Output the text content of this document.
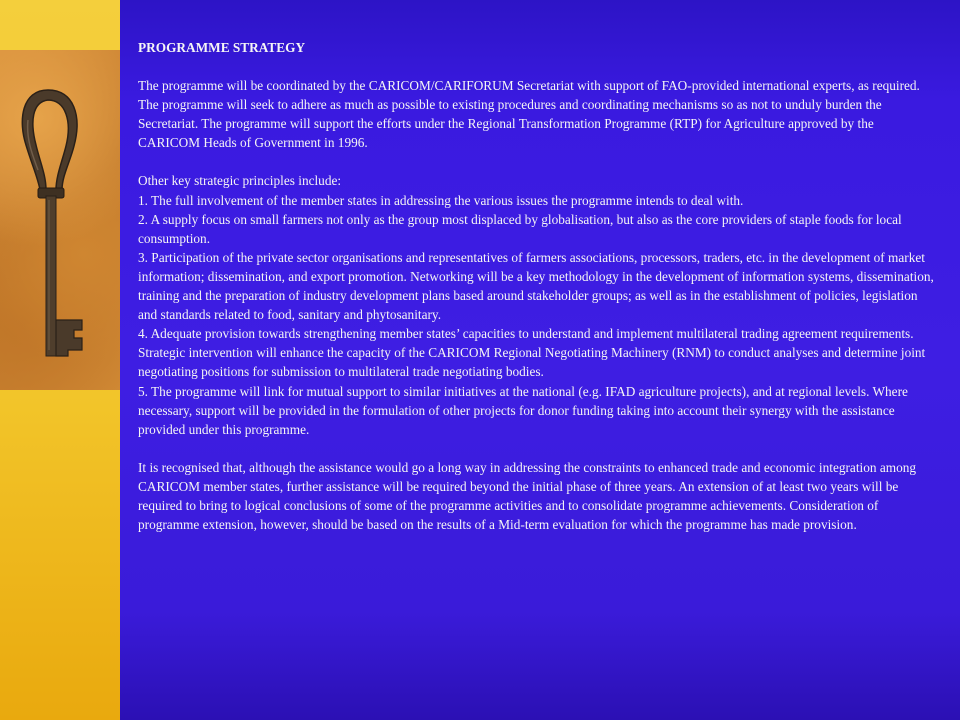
PROGRAMME STRATEGY

The programme will be coordinated by the CARICOM/CARIFORUM Secretariat with support of FAO-provided international experts, as required. The programme will seek to adhere as much as possible to existing procedures and coordinating mechanisms so as not to unduly burden the Secretariat. The programme will support the efforts under the Regional Transformation Programme (RTP) for Agriculture approved by the CARICOM Heads of Government in 1996.

Other key strategic principles include:

1. The full involvement of the member states in addressing the various issues the programme intends to deal with.

2. A supply focus on small farmers not only as the group most displaced by globalisation, but also as the core providers of staple foods for local consumption.

3. Participation of the private sector organisations and representatives of farmers associations, processors, traders, etc. in the development of market information; dissemination, and export promotion. Networking will be a key methodology in the development of information systems, dissemination, training and the preparation of industry development plans based around stakeholder groups; as well as in the establishment of policies, legislation and standards related to food, sanitary and phytosanitary.

4. Adequate provision towards strengthening member states’ capacities to understand and implement multilateral trading agreement requirements. Strategic intervention will enhance the capacity of the CARICOM Regional Negotiating Machinery (RNM) to conduct analyses and determine joint negotiating positions for submission to multilateral trade negotiating bodies.

5. The programme will link for mutual support to similar initiatives at the national (e.g. IFAD agriculture projects), and at regional levels. Where necessary, support will be provided in the formulation of other projects for donor funding taking into account their synergy with the assistance provided under this programme.

It is recognised that, although the assistance would go a long way in addressing the constraints to enhanced trade and economic integration among CARICOM member states, further assistance will be required beyond the initial phase of three years. An extension of at least two years will be required to bring to logical conclusions of some of the programme activities and to consolidate programme achievements. Consideration of programme extension, however, should be based on the results of a Mid-term evaluation for which the programme has made provision.
